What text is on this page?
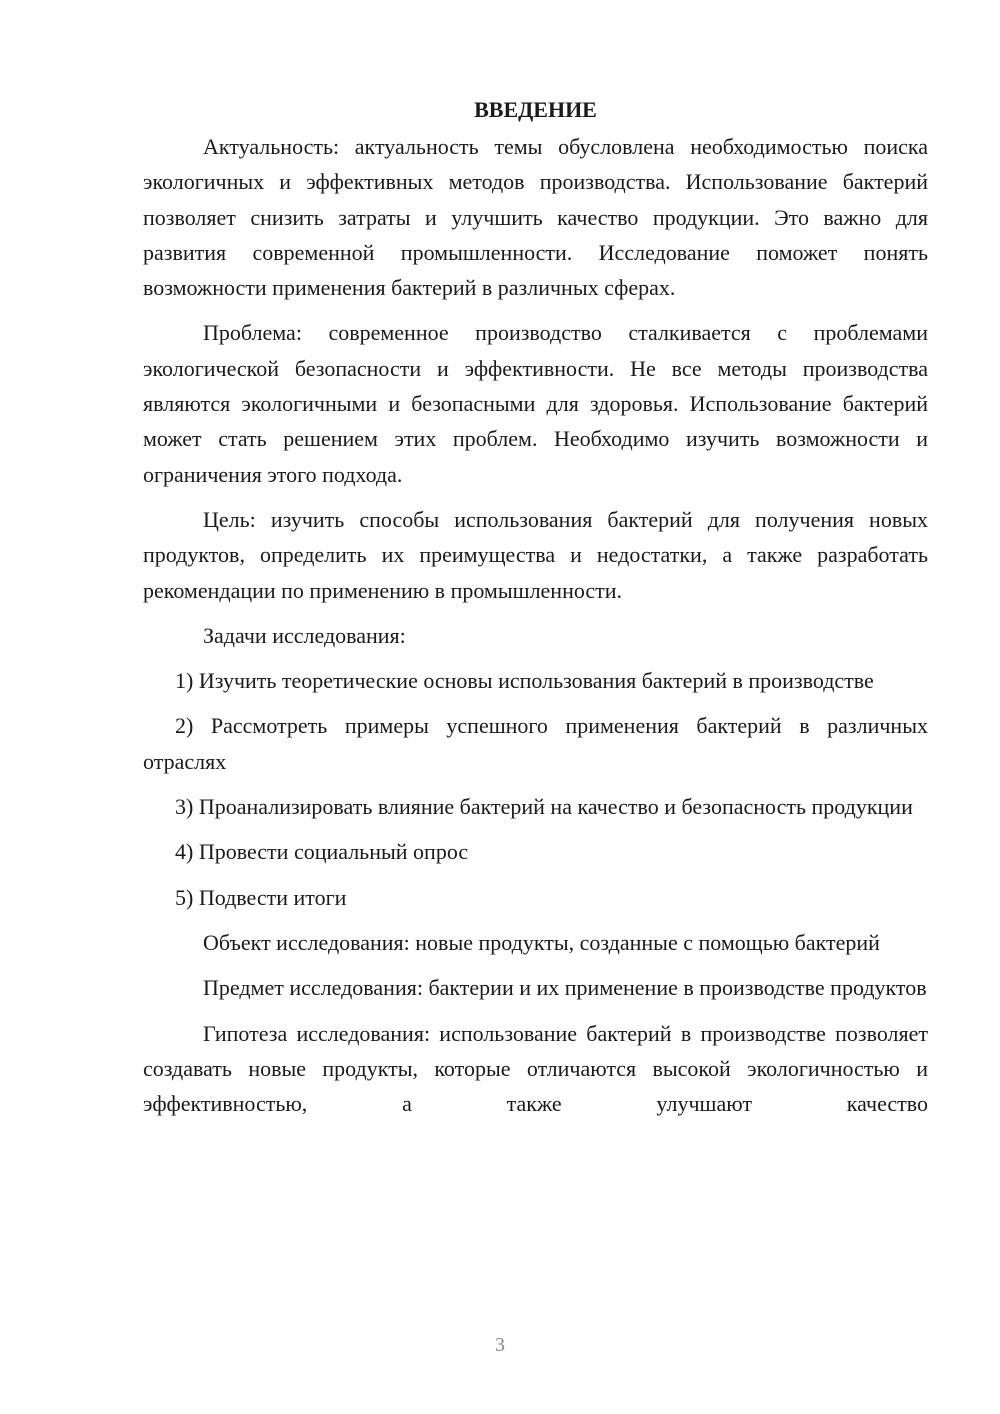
ВВЕДЕНИЕ

Актуальность: актуальность темы обусловлена необходимостью поиска экологичных и эффективных методов производства. Использование бактерий позволяет снизить затраты и улучшить качество продукции. Это важно для развития современной промышленности. Исследование поможет понять возможности применения бактерий в различных сферах.

Проблема: современное производство сталкивается с проблемами экологической безопасности и эффективности. Не все методы производства являются экологичными и безопасными для здоровья. Использование бактерий может стать решением этих проблем. Необходимо изучить возможности и ограничения этого подхода.

Цель: изучить способы использования бактерий для получения новых продуктов, определить их преимущества и недостатки, а также разработать рекомендации по применению в промышленности.

Задачи исследования:

1) Изучить теоретические основы использования бактерий в производстве

2) Рассмотреть примеры успешного применения бактерий в различных отраслях

3) Проанализировать влияние бактерий на качество и безопасность продукции

4) Провести социальный опрос

5) Подвести итоги

Объект исследования: новые продукты, созданные с помощью бактерий

Предмет исследования: бактерии и их применение в производстве продуктов

Гипотеза исследования: использование бактерий в производстве позволяет создавать новые продукты, которые отличаются высокой экологичностью и эффективностью, а также улучшают качество

3
